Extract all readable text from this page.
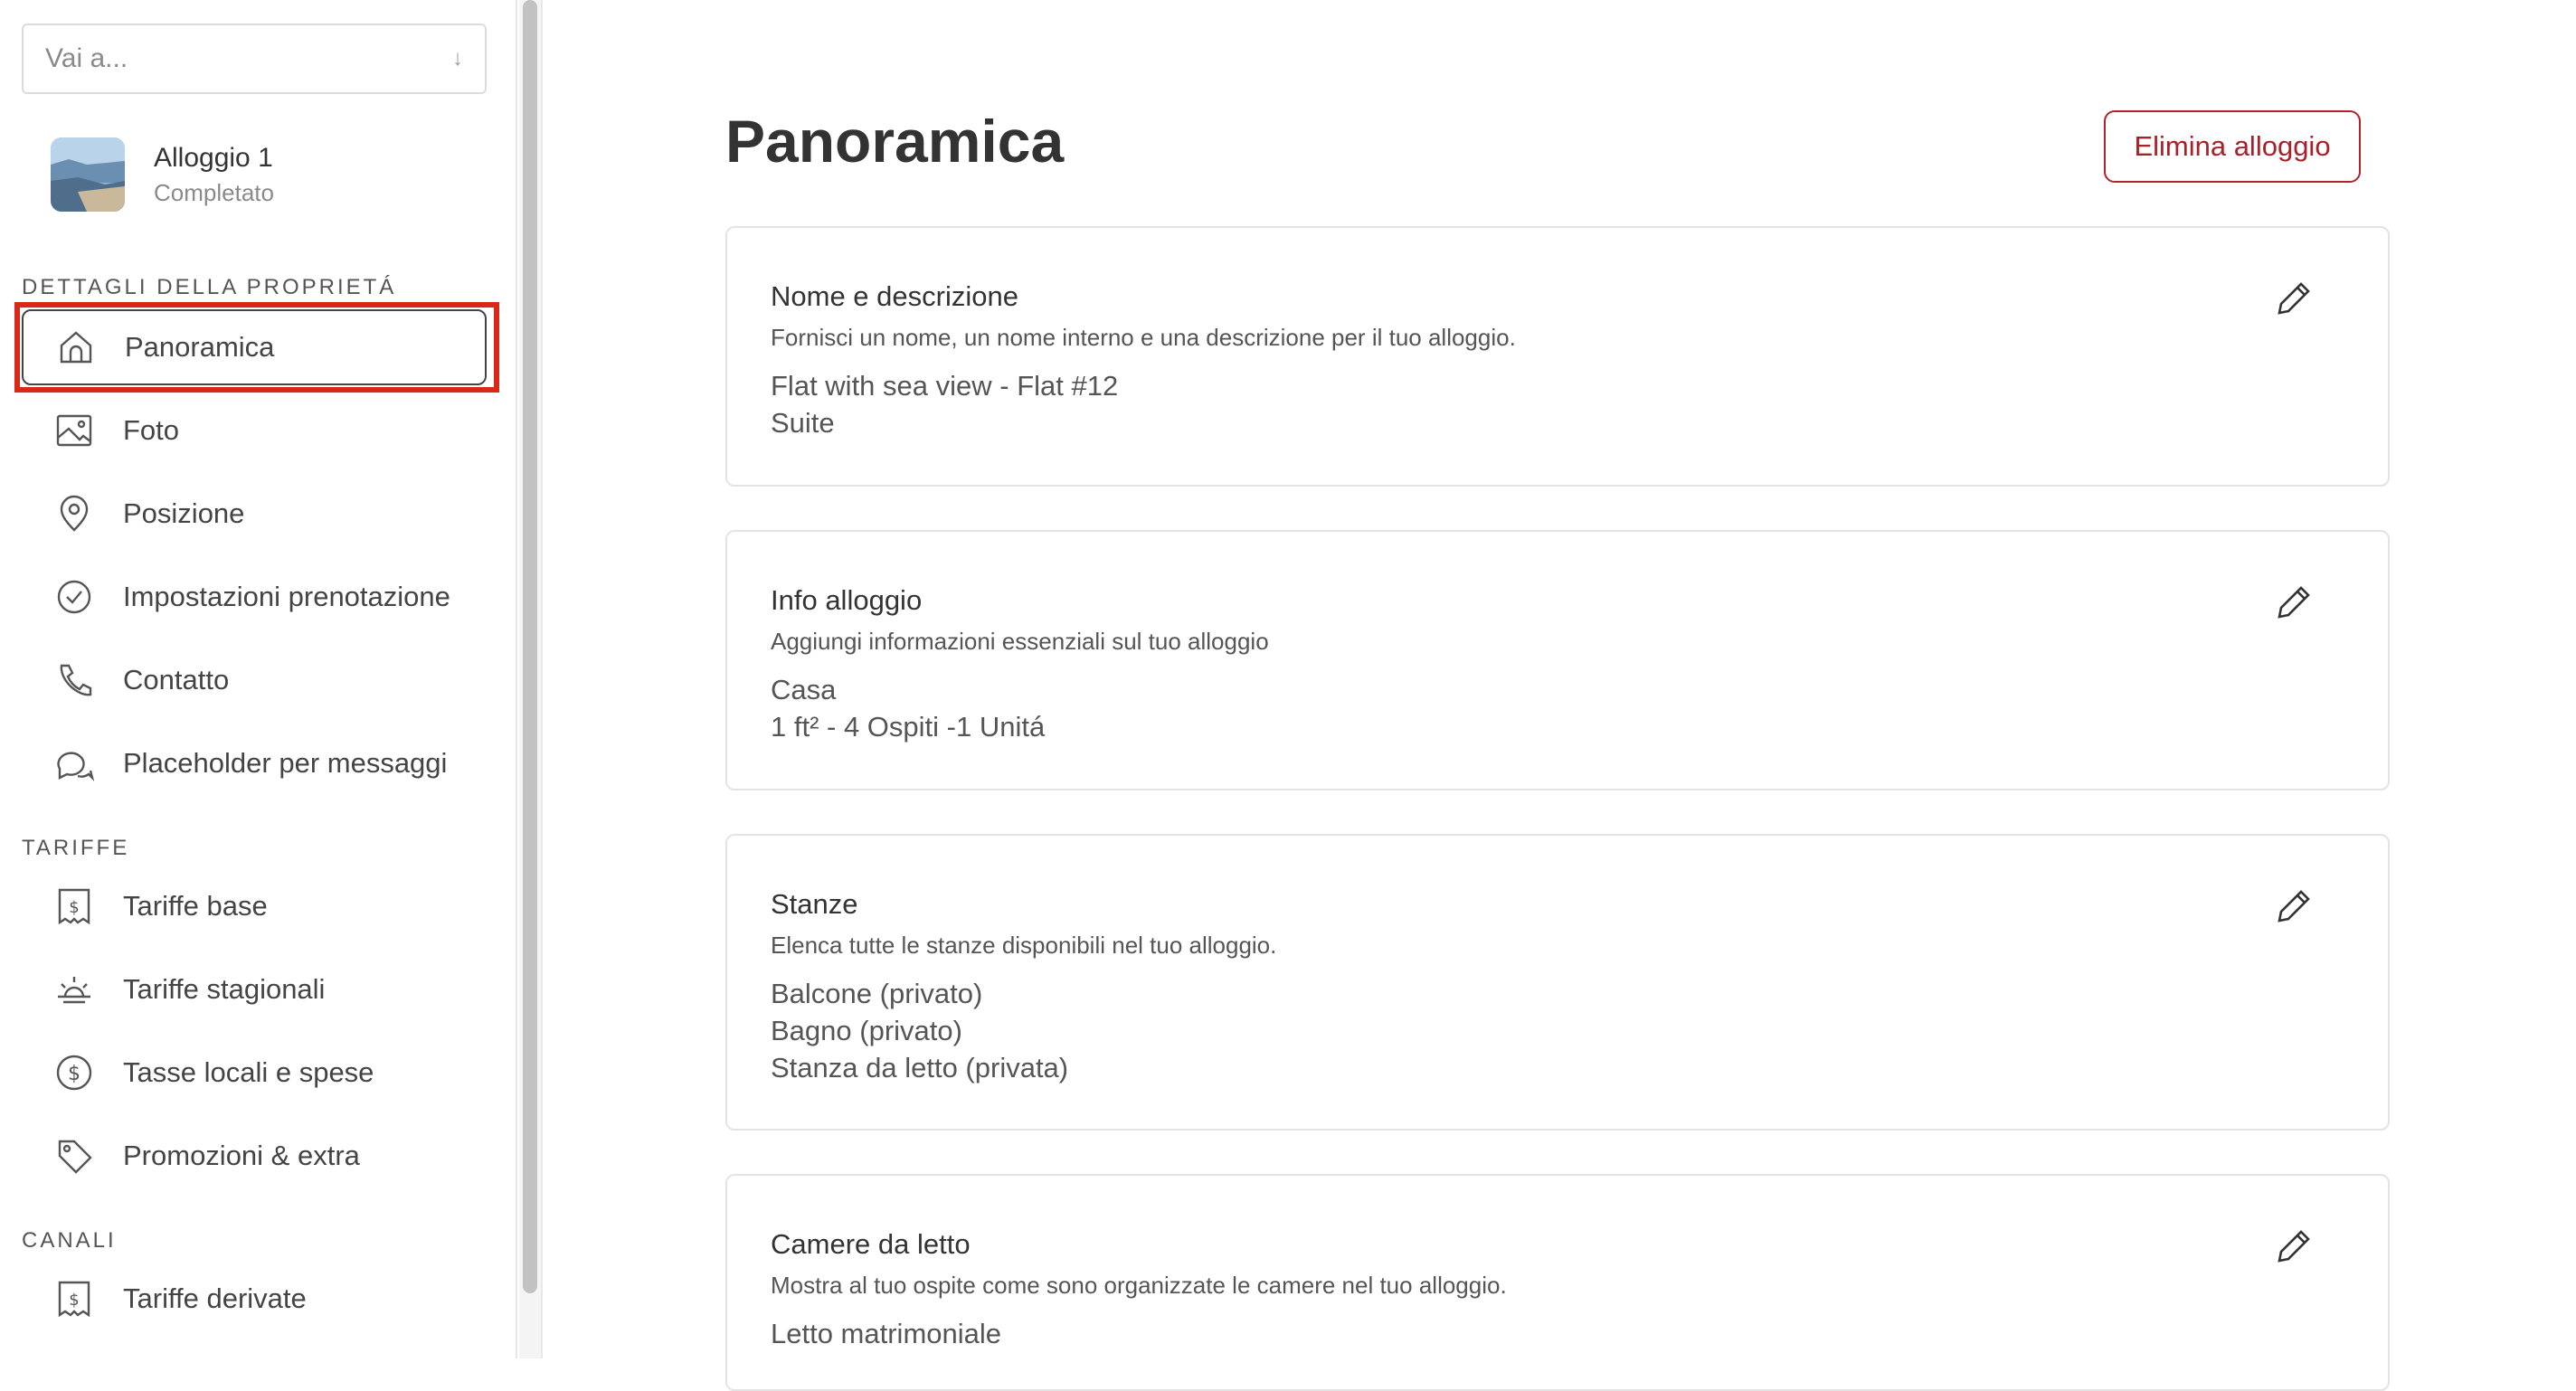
Vai a...	↓
Alloggio 1
Completato
DETTAGLI DELLA PROPRIETÁ
Panoramica
Foto
Posizione
Impostazioni prenotazione
Contatto
Placeholder per messaggi
TARIFFE
$ Tariffe base
Tariffe stagionali
$ Tasse locali e spese
Promozioni & extra
CANALI
$ Tariffe derivate
Panoramica	Elimina alloggio
Nome e descrizione
Fornisci un nome, un nome interno e una descrizione per il tuo alloggio.
Flat with sea view - Flat #12
Suite
Info alloggio
Aggiungi informazioni essenziali sul tuo alloggio
Casa
1 ft² - 4 Ospiti -1 Unitá
Stanze
Elenca tutte le stanze disponibili nel tuo alloggio.
Balcone (privato)
Bagno (privato)
Stanza da letto (privata)
Camere da letto
Mostra al tuo ospite come sono organizzate le camere nel tuo alloggio.
Letto matrimoniale
